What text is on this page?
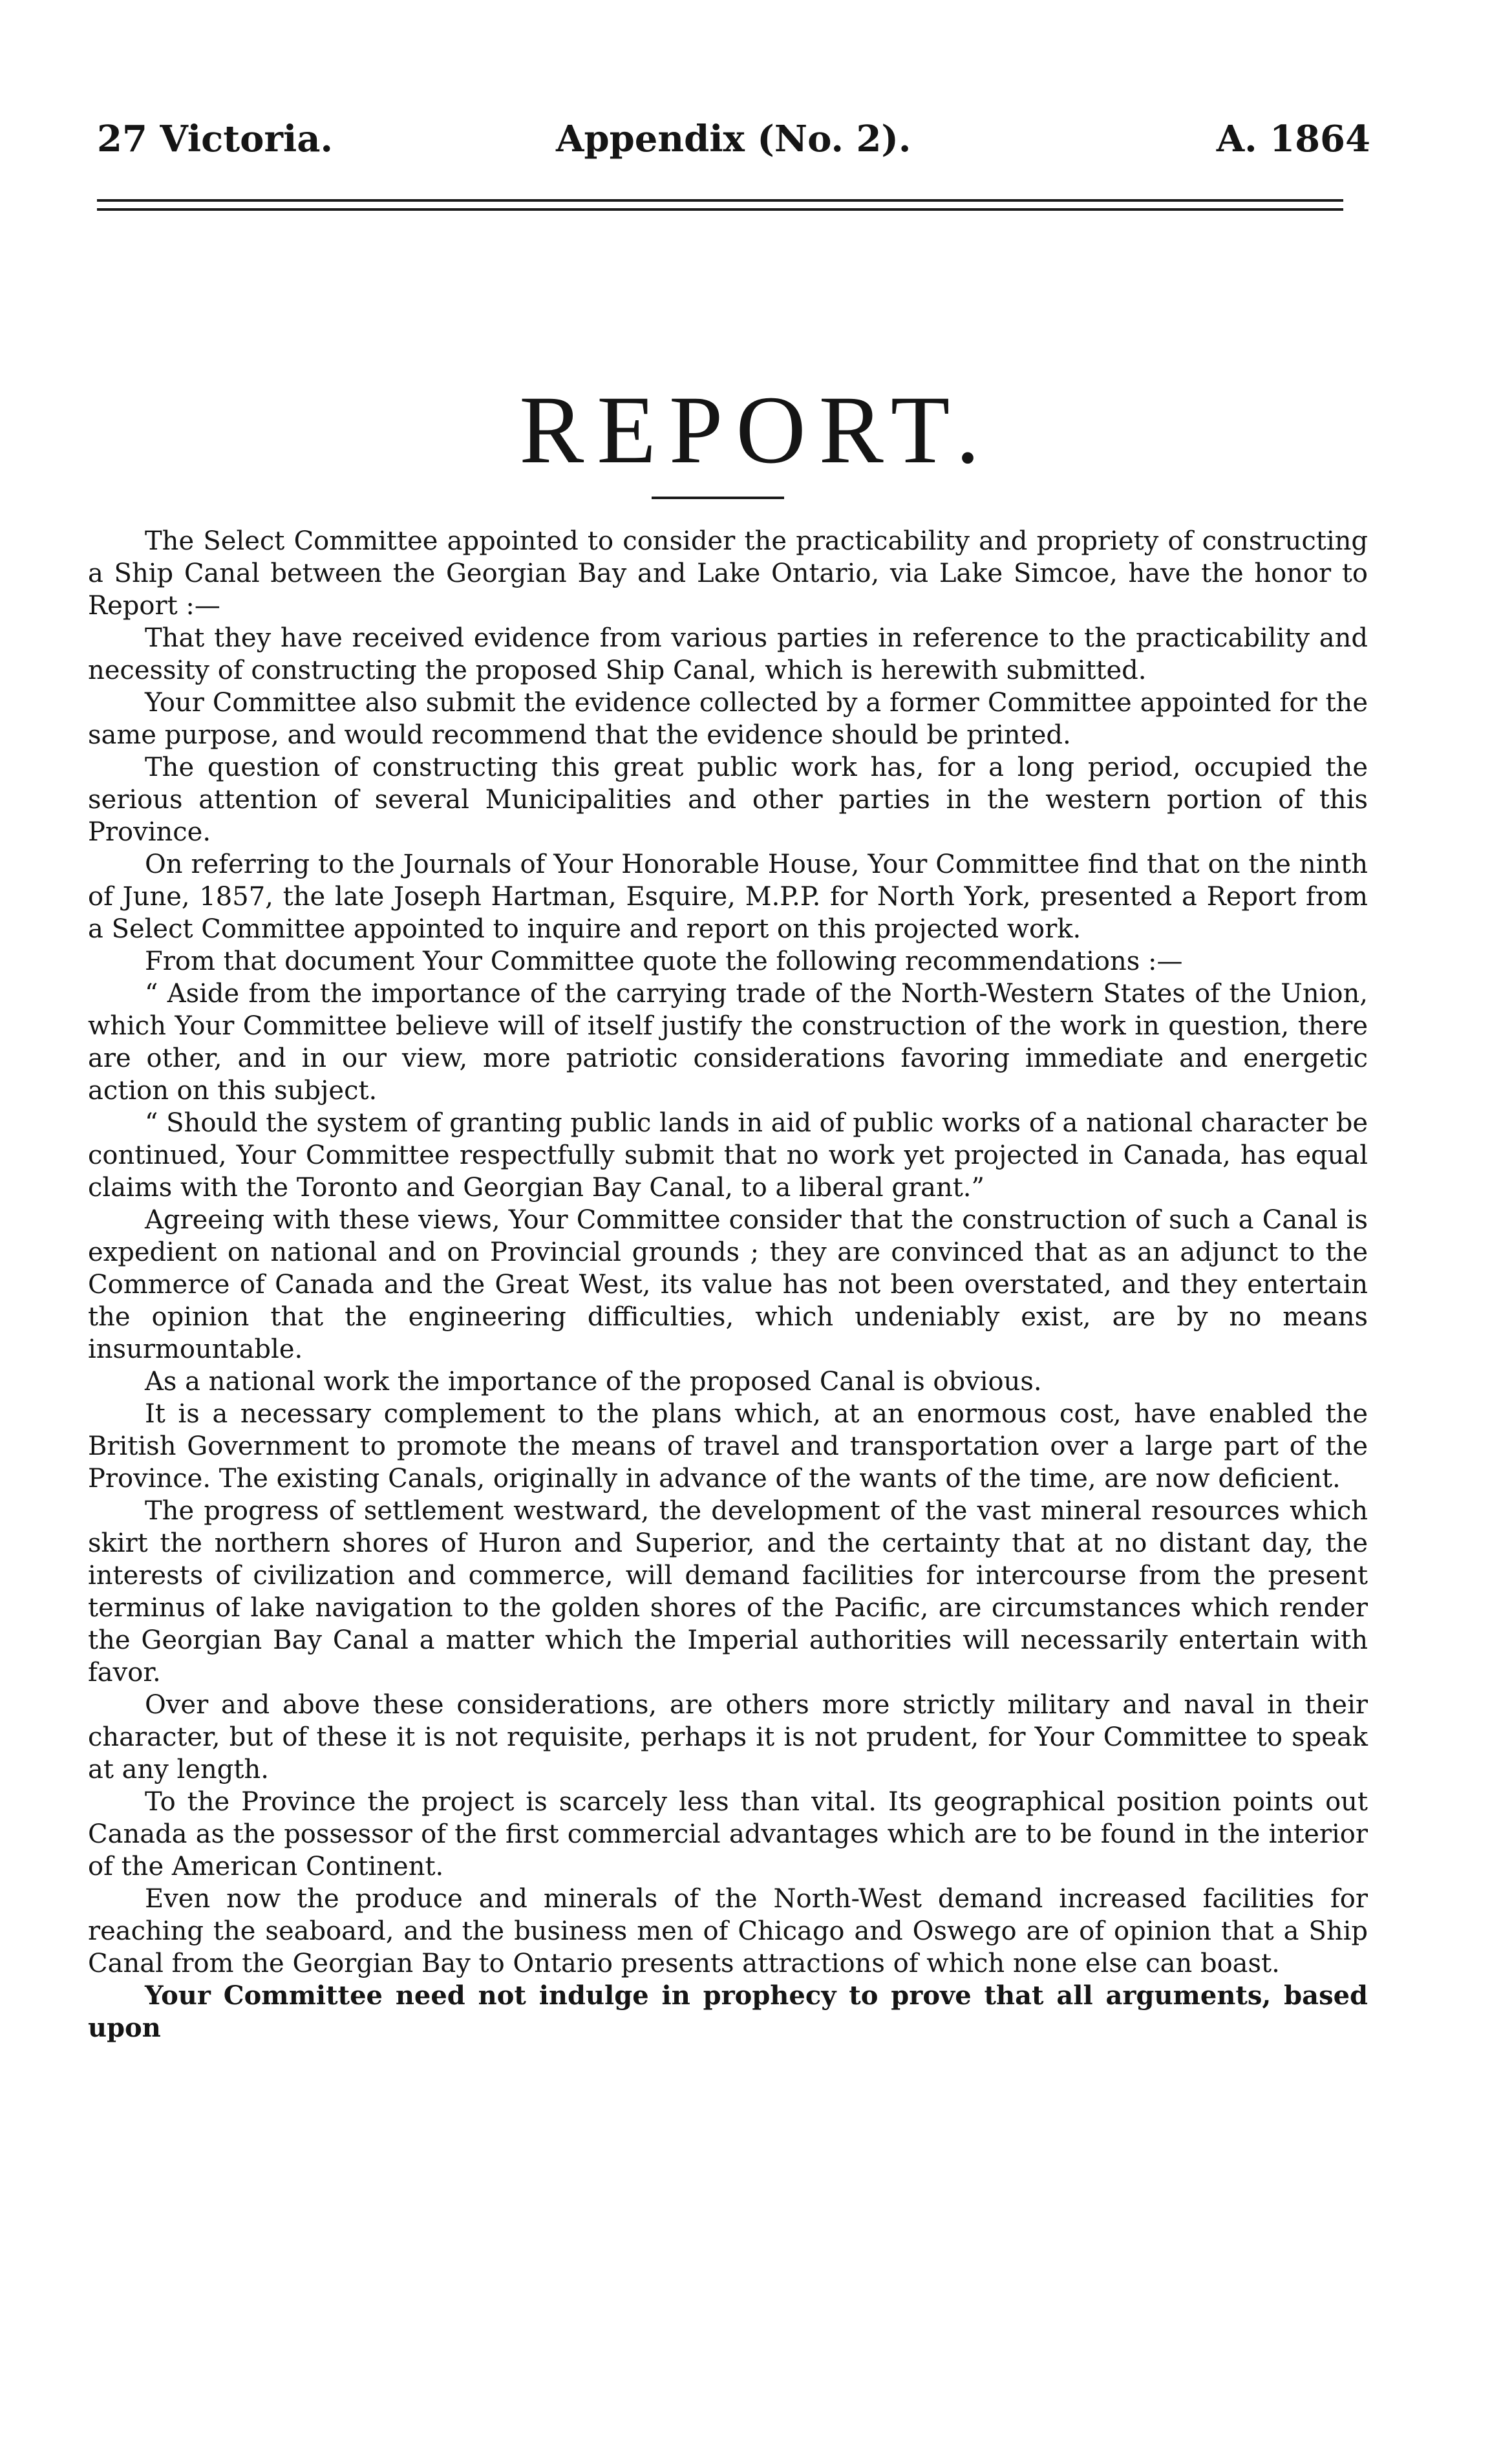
27 Victoria.	Appendix (No. 2).	A. 1864
REPORT.

The Select Committee appointed to consider the practicability and propriety of constructing a Ship Canal between the Georgian Bay and Lake Ontario, via Lake Simcoe, have the honor to Report :—

That they have received evidence from various parties in reference to the practicability and necessity of constructing the proposed Ship Canal, which is herewith submitted.

Your Committee also submit the evidence collected by a former Committee appointed for the same purpose, and would recommend that the evidence should be printed.

The question of constructing this great public work has, for a long period, occupied the serious attention of several Municipalities and other parties in the western portion of this Province.

On referring to the Journals of Your Honorable House, Your Committee find that on the ninth of June, 1857, the late Joseph Hartman, Esquire, M.P.P. for North York, presented a Report from a Select Committee appointed to inquire and report on this projected work.

From that document Your Committee quote the following recommendations :—

“ Aside from the importance of the carrying trade of the North-Western States of the Union, which Your Committee believe will of itself justify the construction of the work in question, there are other, and in our view, more patriotic considerations favoring immediate and energetic action on this subject.

“ Should the system of granting public lands in aid of public works of a national character be continued, Your Committee respectfully submit that no work yet projected in Canada, has equal claims with the Toronto and Georgian Bay Canal, to a liberal grant.”

Agreeing with these views, Your Committee consider that the construction of such a Canal is expedient on national and on Provincial grounds ; they are convinced that as an adjunct to the Commerce of Canada and the Great West, its value has not been overstated, and they entertain the opinion that the engineering difficulties, which undeniably exist, are by no means insurmountable.

As a national work the importance of the proposed Canal is obvious.

It is a necessary complement to the plans which, at an enormous cost, have enabled the British Government to promote the means of travel and transportation over a large part of the Province. The existing Canals, originally in advance of the wants of the time, are now deficient.

The progress of settlement westward, the development of the vast mineral resources which skirt the northern shores of Huron and Superior, and the certainty that at no distant day, the interests of civilization and commerce, will demand facilities for intercourse from the present terminus of lake navigation to the golden shores of the Pacific, are circumstances which render the Georgian Bay Canal a matter which the Imperial authorities will necessarily entertain with favor.

Over and above these considerations, are others more strictly military and naval in their character, but of these it is not requisite, perhaps it is not prudent, for Your Committee to speak at any length.

To the Province the project is scarcely less than vital. Its geographical position points out Canada as the possessor of the first commercial advantages which are to be found in the interior of the American Continent.

Even now the produce and minerals of the North-West demand increased facilities for reaching the seaboard, and the business men of Chicago and Oswego are of opinion that a Ship Canal from the Georgian Bay to Ontario presents attractions of which none else can boast.

Your Committee need not indulge in prophecy to prove that all arguments, based upon
